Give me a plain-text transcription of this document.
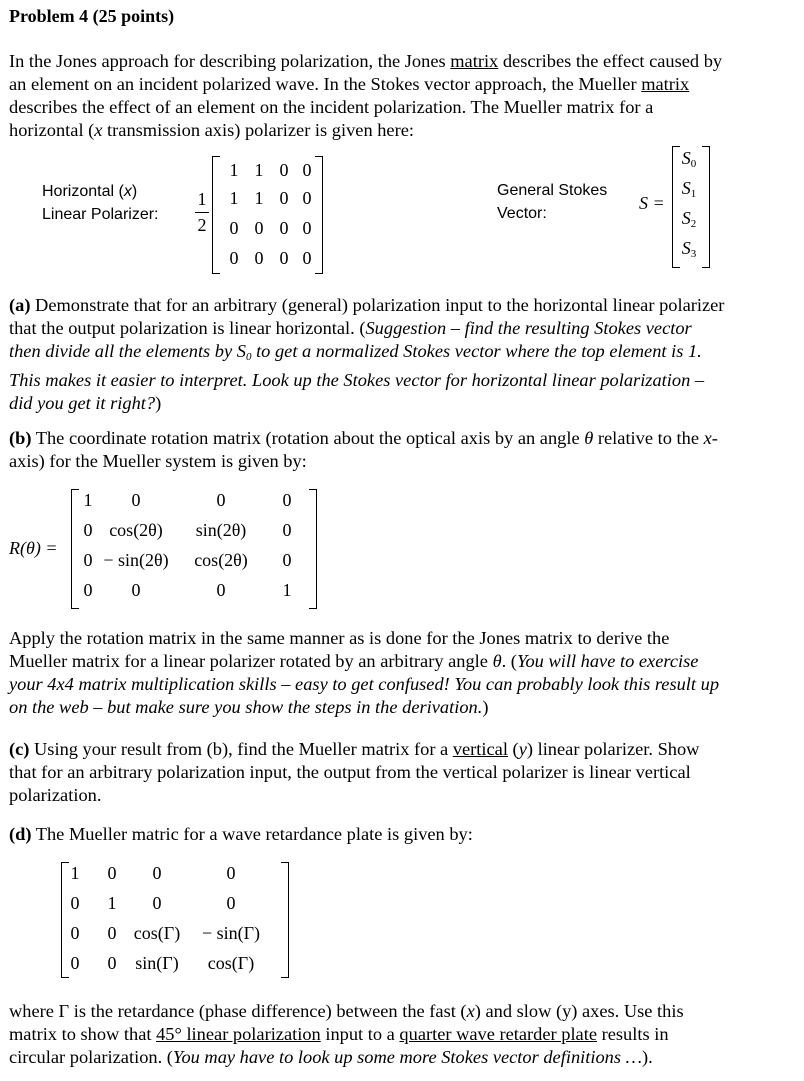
Problem 4 (25 points)
In the Jones approach for describing polarization, the Jones matrix describes the effect caused by
an element on an incident polarized wave. In the Stokes vector approach, the Mueller matrix
describes the effect of an element on the incident polarization. The Mueller matrix for a
horizontal (x transmission axis) polarizer is given here:
Horizontal (x)
Linear Polarizer:
1
2
1 1 0 0
1 1 0 0
0 0 0 0
0 0 0 0
General Stokes
Vector:
S =
$S_0$
$S_1$
$S_2$
$S_3$
(a) Demonstrate that for an arbitrary (general) polarization input to the horizontal linear polarizer
that the output polarization is linear horizontal. (Suggestion – find the resulting Stokes vector
then divide all the elements by $S_0$ to get a normalized Stokes vector where the top element is 1.
This makes it easier to interpret. Look up the Stokes vector for horizontal linear polarization –
did you get it right?)
(b) The coordinate rotation matrix (rotation about the optical axis by an angle θ relative to the x-
axis) for the Mueller system is given by:
R(θ) =
1 0	0	0
0 cos(2θ) sin(2θ) 0
0 − sin(2θ) cos(2θ) 0
0 0	0	1
Apply the rotation matrix in the same manner as is done for the Jones matrix to derive the
Mueller matrix for a linear polarizer rotated by an arbitrary angle θ. (You will have to exercise
your 4x4 matrix multiplication skills – easy to get confused! You can probably look this result up
on the web – but make sure you show the steps in the derivation.)
(c) Using your result from (b), find the Mueller matrix for a vertical (y) linear polarizer. Show
that for an arbitrary polarization input, the output from the vertical polarizer is linear vertical
polarization.
(d) The Mueller matric for a wave retardance plate is given by:
1 0 0	0
0 1 0	0
0 0 cos(Γ) − sin(Γ)
0 0 sin(Γ) cos(Γ)
where Γ is the retardance (phase difference) between the fast (x) and slow (y) axes. Use this
matrix to show that 45° linear polarization input to a quarter wave retarder plate results in
circular polarization. (You may have to look up some more Stokes vector definitions …).
